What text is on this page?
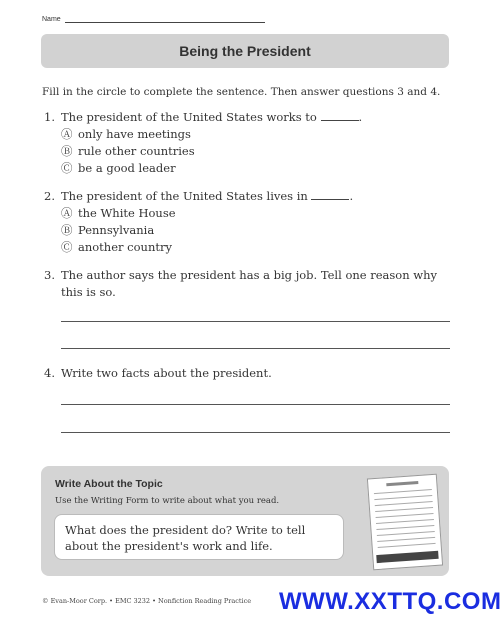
Name
Being the President
Fill in the circle to complete the sentence. Then answer questions 3 and 4.
1. The president of the United States works to	.
Ⓐ only have meetings
Ⓑ rule other countries
Ⓒ be a good leader
2. The president of the United States lives in	.
Ⓐ the White House
Ⓑ Pennsylvania
Ⓒ another country
3. The author says the president has a big job. Tell one reason why this is so.
4. Write two facts about the president.
Write About the Topic
Use the Writing Form to write about what you read.
What does the president do? Write to tell about the president's work and life.
© Evan-Moor Corp. • EMC 3232 • Nonfiction Reading Practice WWW.XXTTQ.COM
